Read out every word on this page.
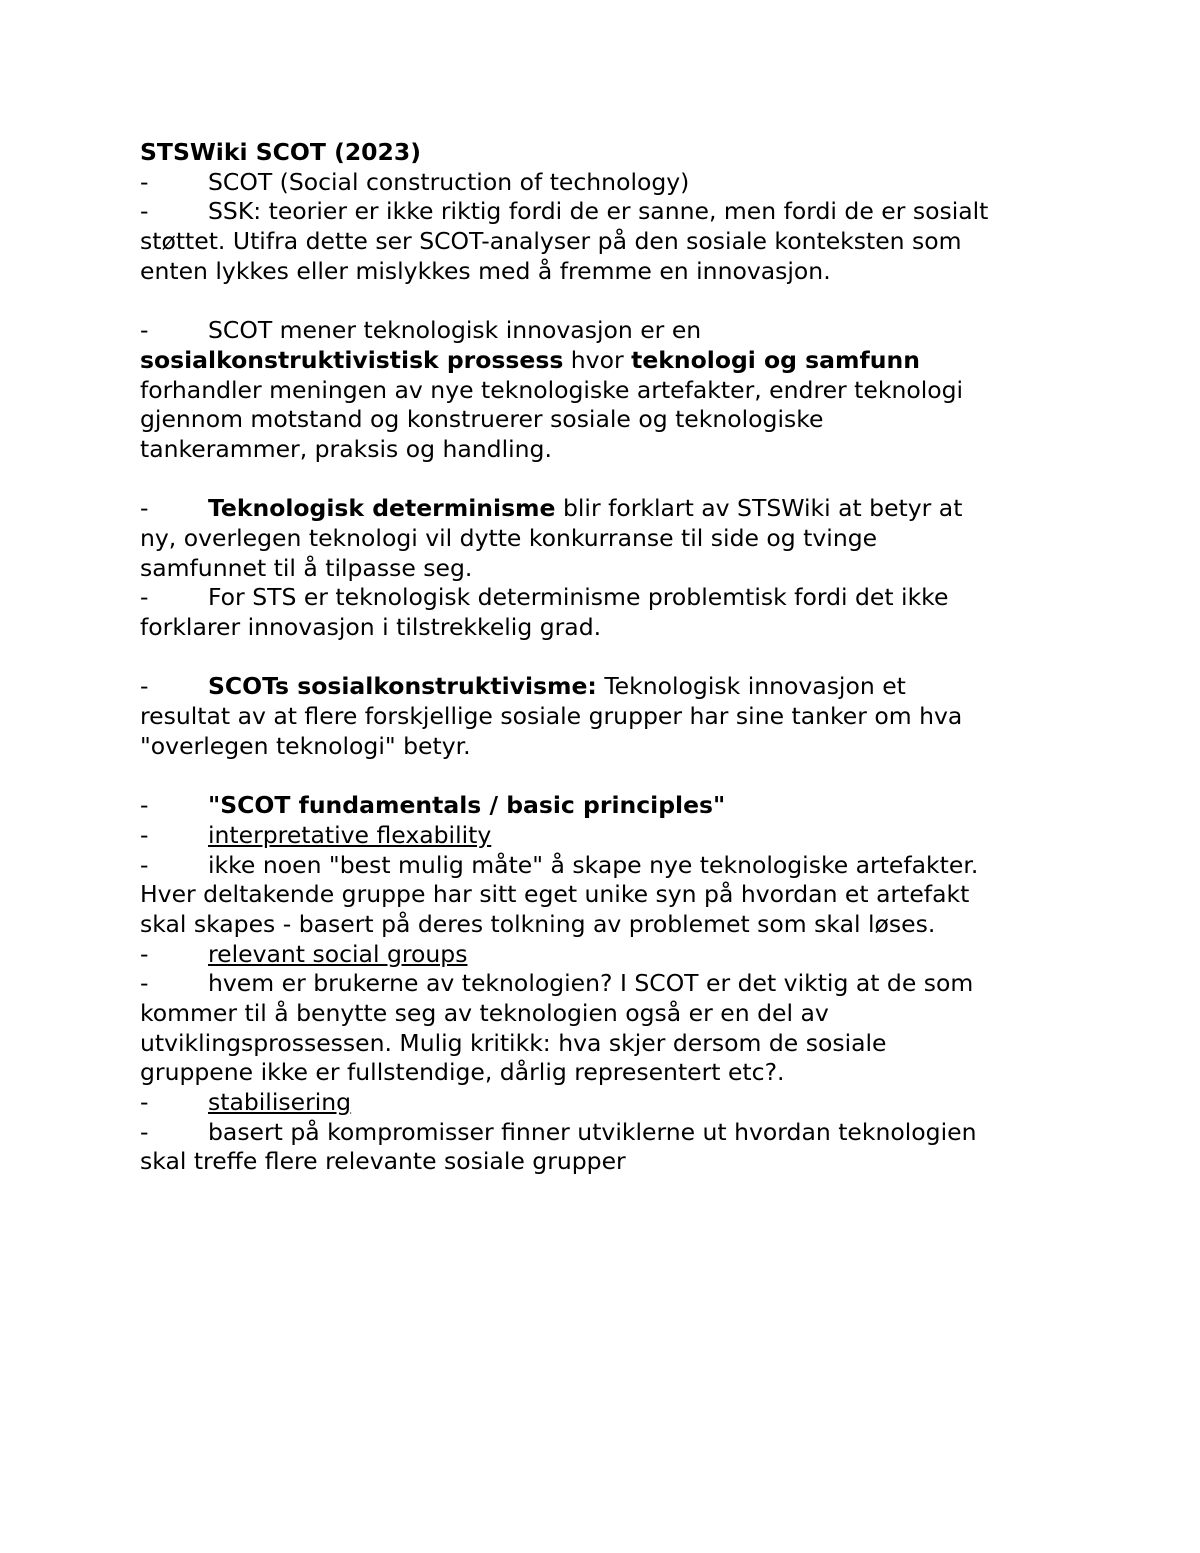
STSWiki SCOT (2023)
-	SCOT (Social construction of technology)
-	SSK: teorier er ikke riktig fordi de er sanne, men fordi de er sosialt
støttet. Utifra dette ser SCOT-analyser på den sosiale konteksten som
enten lykkes eller mislykkes med å fremme en innovasjon.
-	SCOT mener teknologisk innovasjon er en
sosialkonstruktivistisk prossess hvor teknologi og samfunn
forhandler meningen av nye teknologiske artefakter, endrer teknologi
gjennom motstand og konstruerer sosiale og teknologiske
tankerammer, praksis og handling.
-	Teknologisk determinisme blir forklart av STSWiki at betyr at
ny, overlegen teknologi vil dytte konkurranse til side og tvinge
samfunnet til å tilpasse seg.
-	For STS er teknologisk determinisme problemtisk fordi det ikke
forklarer innovasjon i tilstrekkelig grad.
-	SCOTs sosialkonstruktivisme: Teknologisk innovasjon et
resultat av at flere forskjellige sosiale grupper har sine tanker om hva
"overlegen teknologi" betyr.
-	"SCOT fundamentals / basic principles"
-	interpretative flexability
-	ikke noen "best mulig måte" å skape nye teknologiske artefakter.
Hver deltakende gruppe har sitt eget unike syn på hvordan et artefakt
skal skapes - basert på deres tolkning av problemet som skal løses.
-	relevant social groups
-	hvem er brukerne av teknologien? I SCOT er det viktig at de som
kommer til å benytte seg av teknologien også er en del av
utviklingsprossessen. Mulig kritikk: hva skjer dersom de sosiale
gruppene ikke er fullstendige, dårlig representert etc?.
-	stabilisering
-	basert på kompromisser finner utviklerne ut hvordan teknologien
skal treffe flere relevante sosiale grupper
